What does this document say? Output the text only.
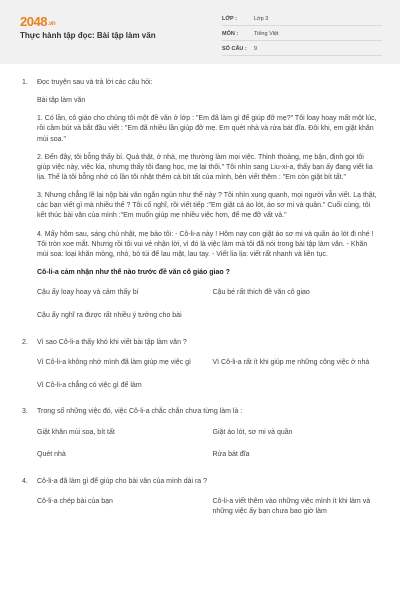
2048.vn
Thực hành tập đọc: Bài tập làm văn
LỚP :	Lớp 3
MÔN :	Tiếng Việt
SỐ CÂU :	9
1.	Đọc truyện sau và trả lời các câu hỏi:
Bài tập làm văn
1. Có lần, cô giáo cho chúng tôi một đề văn ở lớp : "Em đã làm gì để giúp đỡ mẹ?" Tôi loay hoay mất một lúc, rồi cầm bút và bắt đầu viết : "Em đã nhiều lần giúp đỡ mẹ. Em quét nhà và rửa bát đĩa. Đôi khi, em giặt khăn mùi soa."
2. Đến đây, tôi bỗng thấy bí. Quả thật, ở nhà, mẹ thường làm mọi việc. Thỉnh thoảng, mẹ bận, định gọi tôi giúp việc này, việc kia, nhưng thấy tôi đang học, mẹ lại thôi." Tôi nhìn sang Liu-xi-a, thấy bạn ấy đang viết lia lịa. Thế là tôi bỗng nhớ có lần tôi nhặt thêm cả bít tất của mình, bèn viết thêm : "Em còn giặt bít tất."
3. Nhưng chẳng lẽ lại nộp bài văn ngắn ngủn như thế này ? Tôi nhìn xung quanh, mọi người vẫn viết. Lạ thật, các bạn viết gì mà nhiều thế ? Tôi cố nghĩ, rồi viết tiếp :"Em giặt cả áo lót, áo sơ mi và quần." Cuối cùng, tôi kết thúc bài văn của mình :"Em muốn giúp mẹ nhiều việc hơn, để mẹ đỡ vất vả."
4. Mấy hôm sau, sáng chủ nhật, mẹ bảo tôi: - Cô-li-a này ! Hôm nay con giặt áo sơ mi và quần áo lót đi nhé ! Tôi tròn xoe mắt. Nhưng rồi tôi vui vẻ nhận lời, vì đó là việc làm mà tôi đã nói trong bài tập làm văn. - Khăn mùi soa: loại khăn mỏng, nhỏ, bỏ túi để lau mặt, lau tay. - Viết lia lịa: viết rất nhanh và liên tục.
Cô-li-a cảm nhận như thế nào trước đề văn cô giáo giao ?
Cậu ấy loay hoay và cảm thấy bí	Cậu bé rất thích đề văn cô giao
Cậu ấy nghĩ ra được rất nhiều ý tưởng cho bài
2.	Vì sao Cô-li-a thấy khó khi viết bài tập làm văn ?
Vì Cô-li-a không nhớ mình đã làm giúp mẹ việc gì	Vì Cô-li-a rất ít khi giúp mẹ những công việc ở nhà
Vì Cô-li-a chẳng có việc gì để làm
3.	Trong số những việc đó, việc Cô-li-a chắc chắn chưa từng làm là :
Giặt khăn mùi soa, bít tất	Giặt áo lót, sơ mi và quần
Quét nhà	Rửa bát đĩa
4.	Cô-li-a đã làm gì để giúp cho bài văn của mình dài ra ?
Cô-li-a chép bài của bạn	Cô-li-a viết thêm vào những việc mình ít khi làm và những việc ấy bạn chưa bao giờ làm
